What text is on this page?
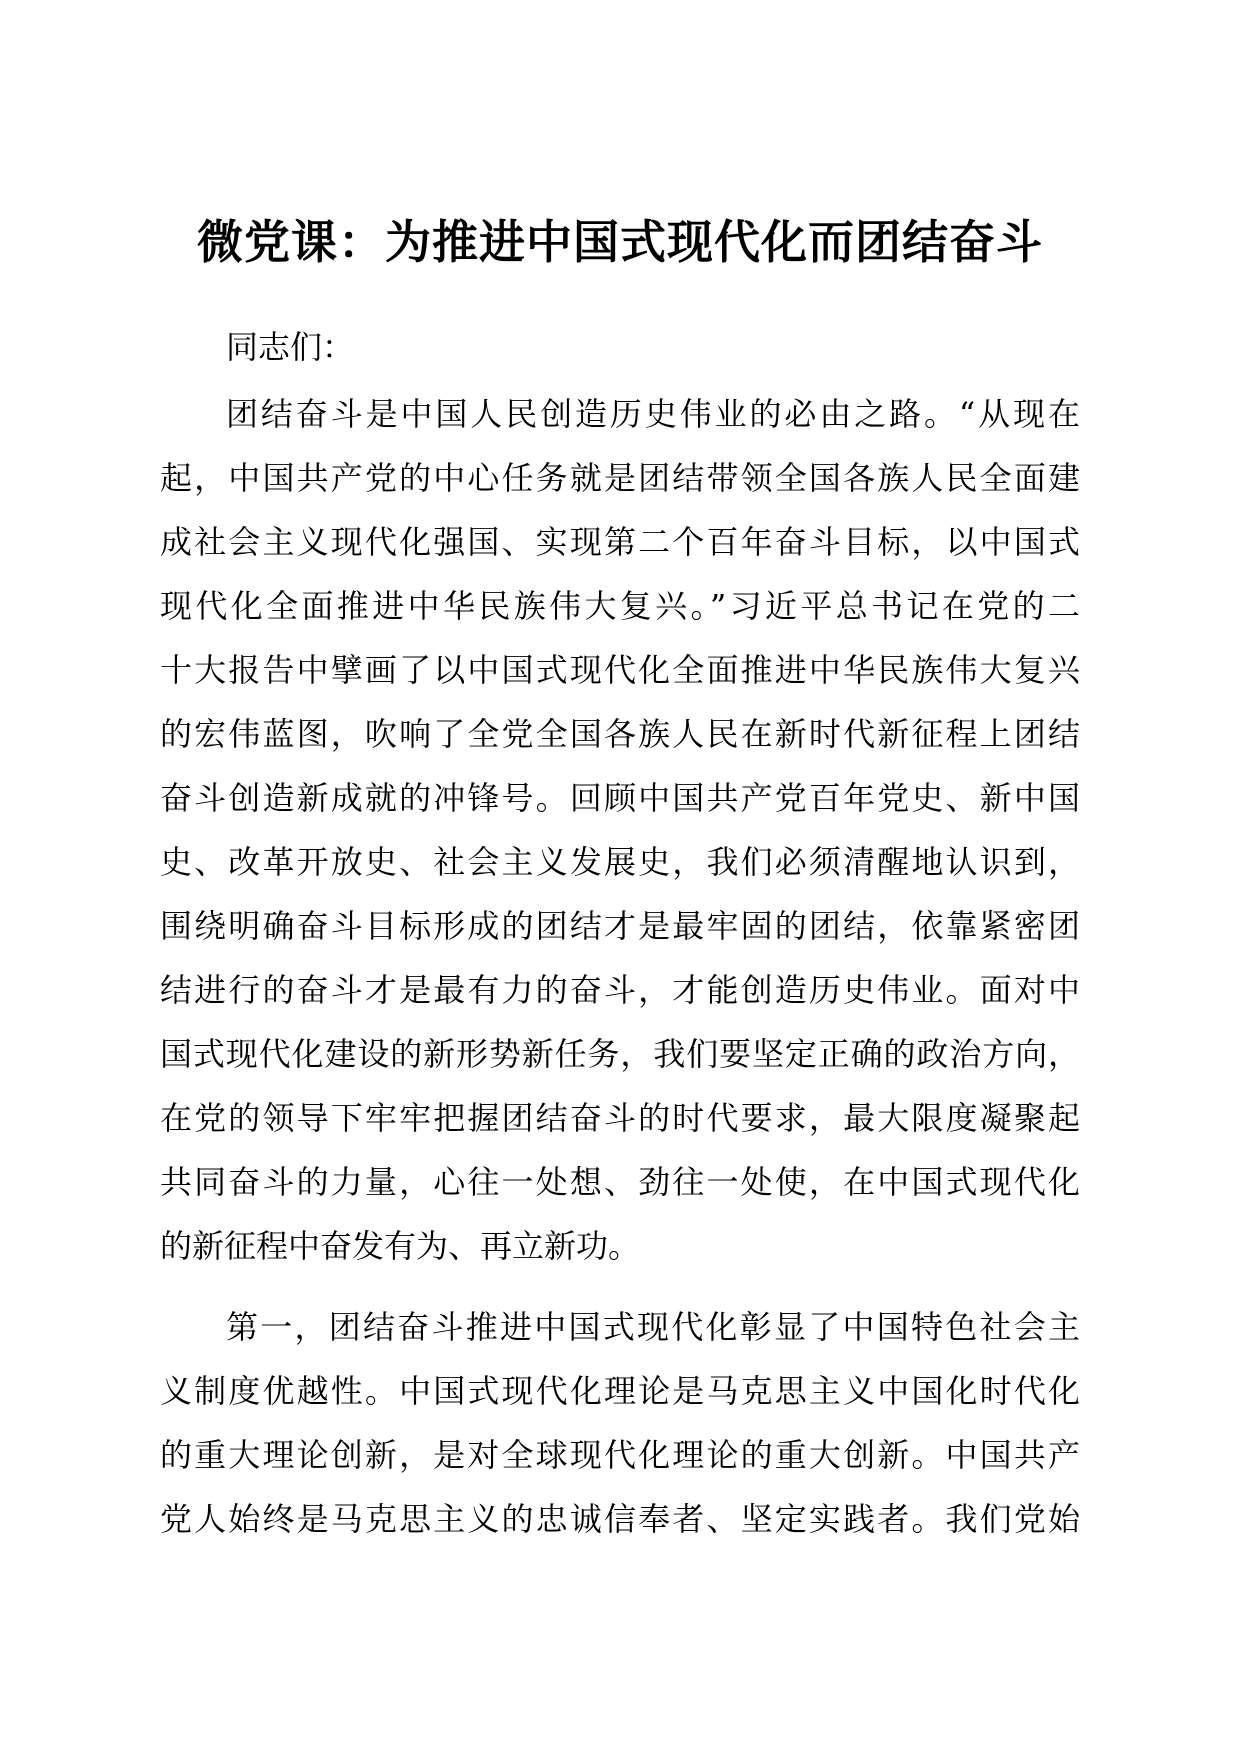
微党课：为推进中国式现代化而团结奋斗
同志们：
团结奋斗是中国人民创造历史伟业的必由之路。“从现在
起，中国共产党的中心任务就是团结带领全国各族人民全面建
成社会主义现代化强国、实现第二个百年奋斗目标，以中国式
现代化全面推进中华民族伟大复兴。”习近平总书记在党的二
十大报告中擘画了以中国式现代化全面推进中华民族伟大复兴
的宏伟蓝图，吹响了全党全国各族人民在新时代新征程上团结
奋斗创造新成就的冲锋号。回顾中国共产党百年党史、新中国
史、改革开放史、社会主义发展史，我们必须清醒地认识到，
围绕明确奋斗目标形成的团结才是最牢固的团结，依靠紧密团
结进行的奋斗才是最有力的奋斗，才能创造历史伟业。面对中
国式现代化建设的新形势新任务，我们要坚定正确的政治方向，
在党的领导下牢牢把握团结奋斗的时代要求，最大限度凝聚起
共同奋斗的力量，心往一处想、劲往一处使，在中国式现代化
的新征程中奋发有为、再立新功。
第一，团结奋斗推进中国式现代化彰显了中国特色社会主
义制度优越性。中国式现代化理论是马克思主义中国化时代化
的重大理论创新，是对全球现代化理论的重大创新。中国共产
党人始终是马克思主义的忠诚信奉者、坚定实践者。我们党始
